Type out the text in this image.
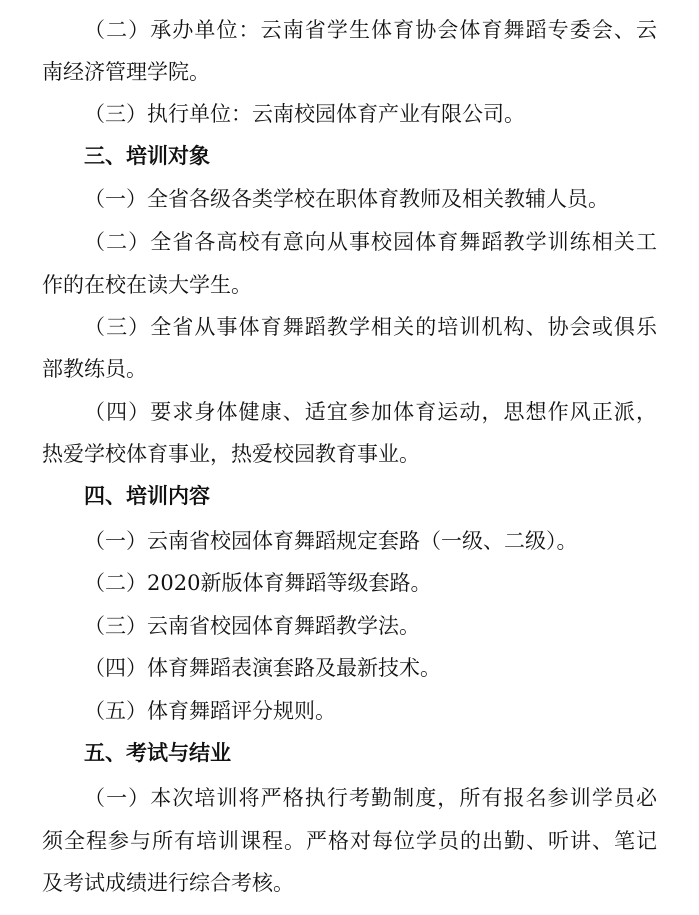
（二）承办单位：云南省学生体育协会体育舞蹈专委会、云
南经济管理学院。
（三）执行单位：云南校园体育产业有限公司。
三、培训对象
（一）全省各级各类学校在职体育教师及相关教辅人员。
（二）全省各高校有意向从事校园体育舞蹈教学训练相关工
作的在校在读大学生。
（三）全省从事体育舞蹈教学相关的培训机构、协会或俱乐
部教练员。
（四）要求身体健康、适宜参加体育运动，思想作风正派，
热爱学校体育事业，热爱校园教育事业。
四、培训内容
（一）云南省校园体育舞蹈规定套路（一级、二级）。
（二）2020新版体育舞蹈等级套路。
（三）云南省校园体育舞蹈教学法。
（四）体育舞蹈表演套路及最新技术。
（五）体育舞蹈评分规则。
五、考试与结业
（一）本次培训将严格执行考勤制度，所有报名参训学员必
须全程参与所有培训课程。严格对每位学员的出勤、听讲、笔记
及考试成绩进行综合考核。
